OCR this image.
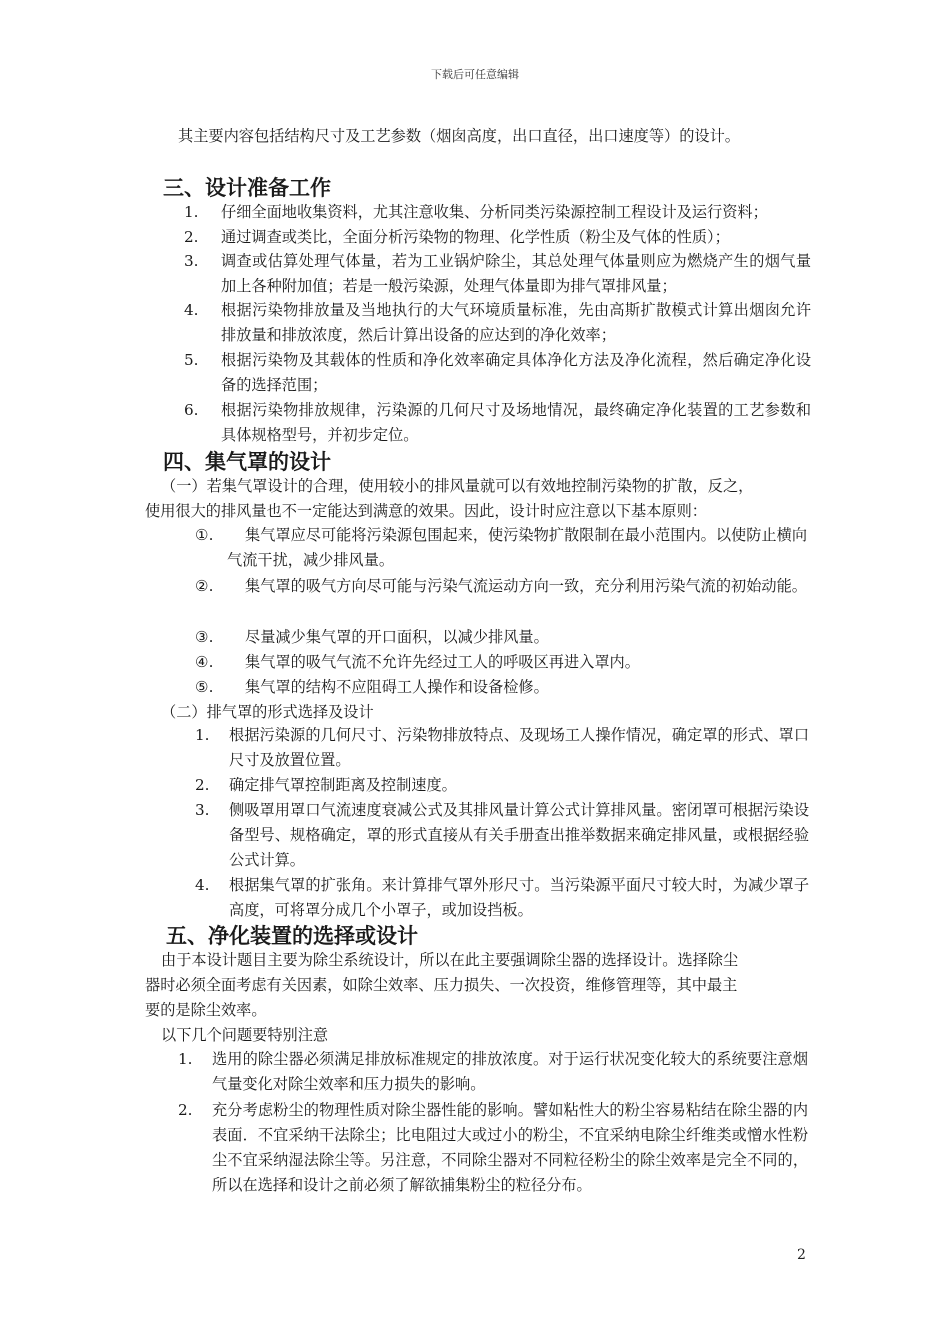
下载后可任意编辑
其主要内容包括结构尺寸及工艺参数（烟囱高度，出口直径，出口速度等）的设计。
三、设计准备工作
1. 仔细全面地收集资料，尤其注意收集、分析同类污染源控制工程设计及运行资料；
2. 通过调查或类比，全面分析污染物的物理、化学性质（粉尘及气体的性质）；
3. 调查或估算处理气体量，若为工业锅炉除尘，其总处理气体量则应为燃烧产生的烟气量加上各种附加值；若是一般污染源，处理气体量即为排气罩排风量；
4. 根据污染物排放量及当地执行的大气环境质量标准，先由高斯扩散模式计算出烟囱允许排放量和排放浓度，然后计算出设备的应达到的净化效率；
5. 根据污染物及其载体的性质和净化效率确定具体净化方法及净化流程，然后确定净化设备的选择范围；
6. 根据污染物排放规律，污染源的几何尺寸及场地情况，最终确定净化装置的工艺参数和具体规格型号，并初步定位。
四、集气罩的设计
（一）若集气罩设计的合理，使用较小的排风量就可以有效地控制污染物的扩散，反之，
使用很大的排风量也不一定能达到满意的效果。因此，设计时应注意以下基本原则：
①.	集气罩应尽可能将污染源包围起来，使污染物扩散限制在最小范围内。以使防止横向气流干扰，减少排风量。
②.	集气罩的吸气方向尽可能与污染气流运动方向一致，充分利用污染气流的初始动能。
③.	尽量减少集气罩的开口面积，以减少排风量。
④.	集气罩的吸气气流不允许先经过工人的呼吸区再进入罩内。
⑤.	集气罩的结构不应阻碍工人操作和设备检修。
（二）排气罩的形式选择及设计
1. 根据污染源的几何尺寸、污染物排放特点、及现场工人操作情况，确定罩的形式、罩口尺寸及放置位置。
2. 确定排气罩控制距离及控制速度。
3. 侧吸罩用罩口气流速度衰减公式及其排风量计算公式计算排风量。密闭罩可根据污染设备型号、规格确定，罩的形式直接从有关手册查出推举数据来确定排风量，或根据经验公式计算。
4. 根据集气罩的扩张角。来计算排气罩外形尺寸。当污染源平面尺寸较大时，为减少罩子高度，可将罩分成几个小罩子，或加设挡板。
五、净化装置的选择或设计
由于本设计题目主要为除尘系统设计，所以在此主要强调除尘器的选择设计。选择除尘
器时必须全面考虑有关因素，如除尘效率、压力损失、一次投资，维修管理等，其中最主
要的是除尘效率。
以下几个问题要特别注意
1. 选用的除尘器必须满足排放标准规定的排放浓度。对于运行状况变化较大的系统要注意烟气量变化对除尘效率和压力损失的影响。
2. 充分考虑粉尘的物理性质对除尘器性能的影响。譬如粘性大的粉尘容易粘结在除尘器的内表面．不宜采纳干法除尘；比电阻过大或过小的粉尘，不宜采纳电除尘纤维类或憎水性粉尘不宜采纳湿法除尘等。另注意，不同除尘器对不同粒径粉尘的除尘效率是完全不同的，所以在选择和设计之前必须了解欲捕集粉尘的粒径分布。
2
